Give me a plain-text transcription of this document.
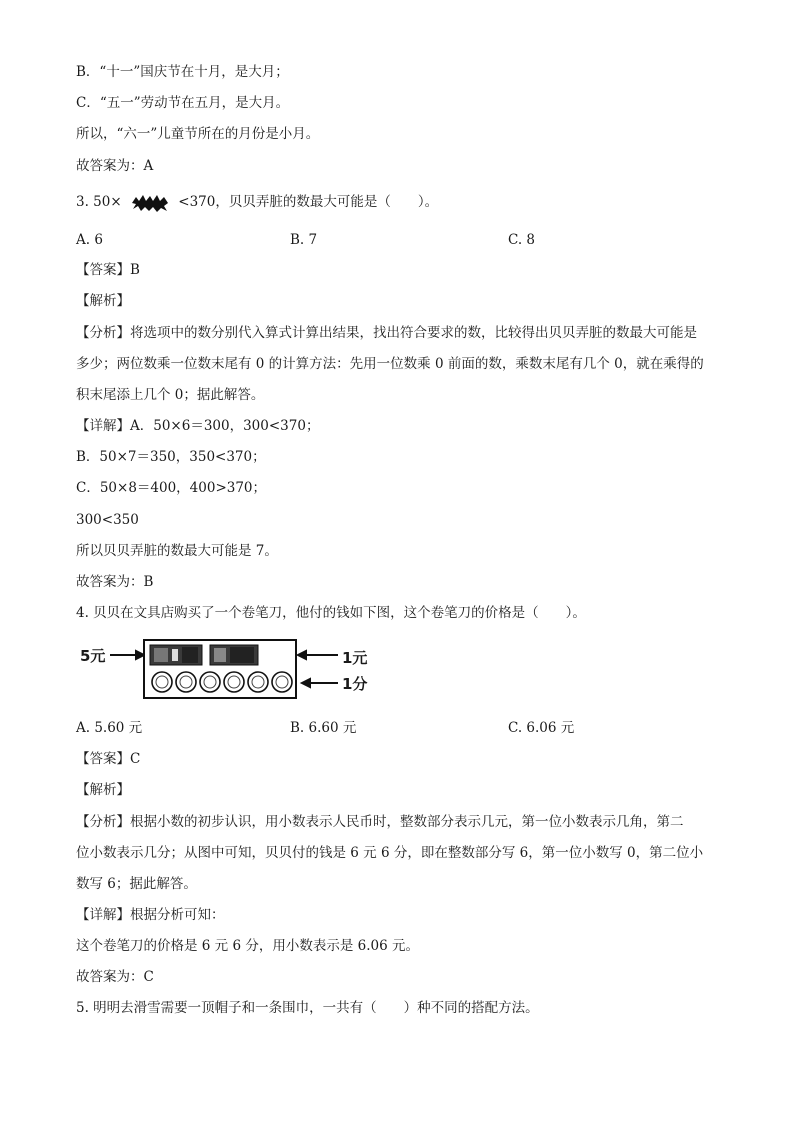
B．“十一”国庆节在十月，是大月；
C．“五一”劳动节在五月，是大月。
所以，“六一”儿童节所在的月份是小月。
故答案为：A
3. 50×	<370，贝贝弄脏的数最大可能是（　　）。
A. 6	B. 7	C. 8
【答案】B
【解析】
【分析】将选项中的数分别代入算式计算出结果，找出符合要求的数，比较得出贝贝弄脏的数最大可能是
多少；两位数乘一位数末尾有 0 的计算方法：先用一位数乘 0 前面的数，乘数末尾有几个 0，就在乘得的
积末尾添上几个 0；据此解答。
【详解】A．50×6＝300，300<370；
B．50×7＝350，350<370；
C．50×8＝400，400>370；
300<350
所以贝贝弄脏的数最大可能是 7。
故答案为：B
4. 贝贝在文具店购买了一个卷笔刀，他付的钱如下图，这个卷笔刀的价格是（　　）。
5元	1元
1分
A. 5.60 元	B. 6.60 元	C. 6.06 元
【答案】C
【解析】
【分析】根据小数的初步认识，用小数表示人民币时，整数部分表示几元，第一位小数表示几角，第二
位小数表示几分；从图中可知，贝贝付的钱是 6 元 6 分，即在整数部分写 6，第一位小数写 0，第二位小
数写 6；据此解答。
【详解】根据分析可知：
这个卷笔刀的价格是 6 元 6 分，用小数表示是 6.06 元。
故答案为：C
5. 明明去滑雪需要一顶帽子和一条围巾，一共有（　　）种不同的搭配方法。
